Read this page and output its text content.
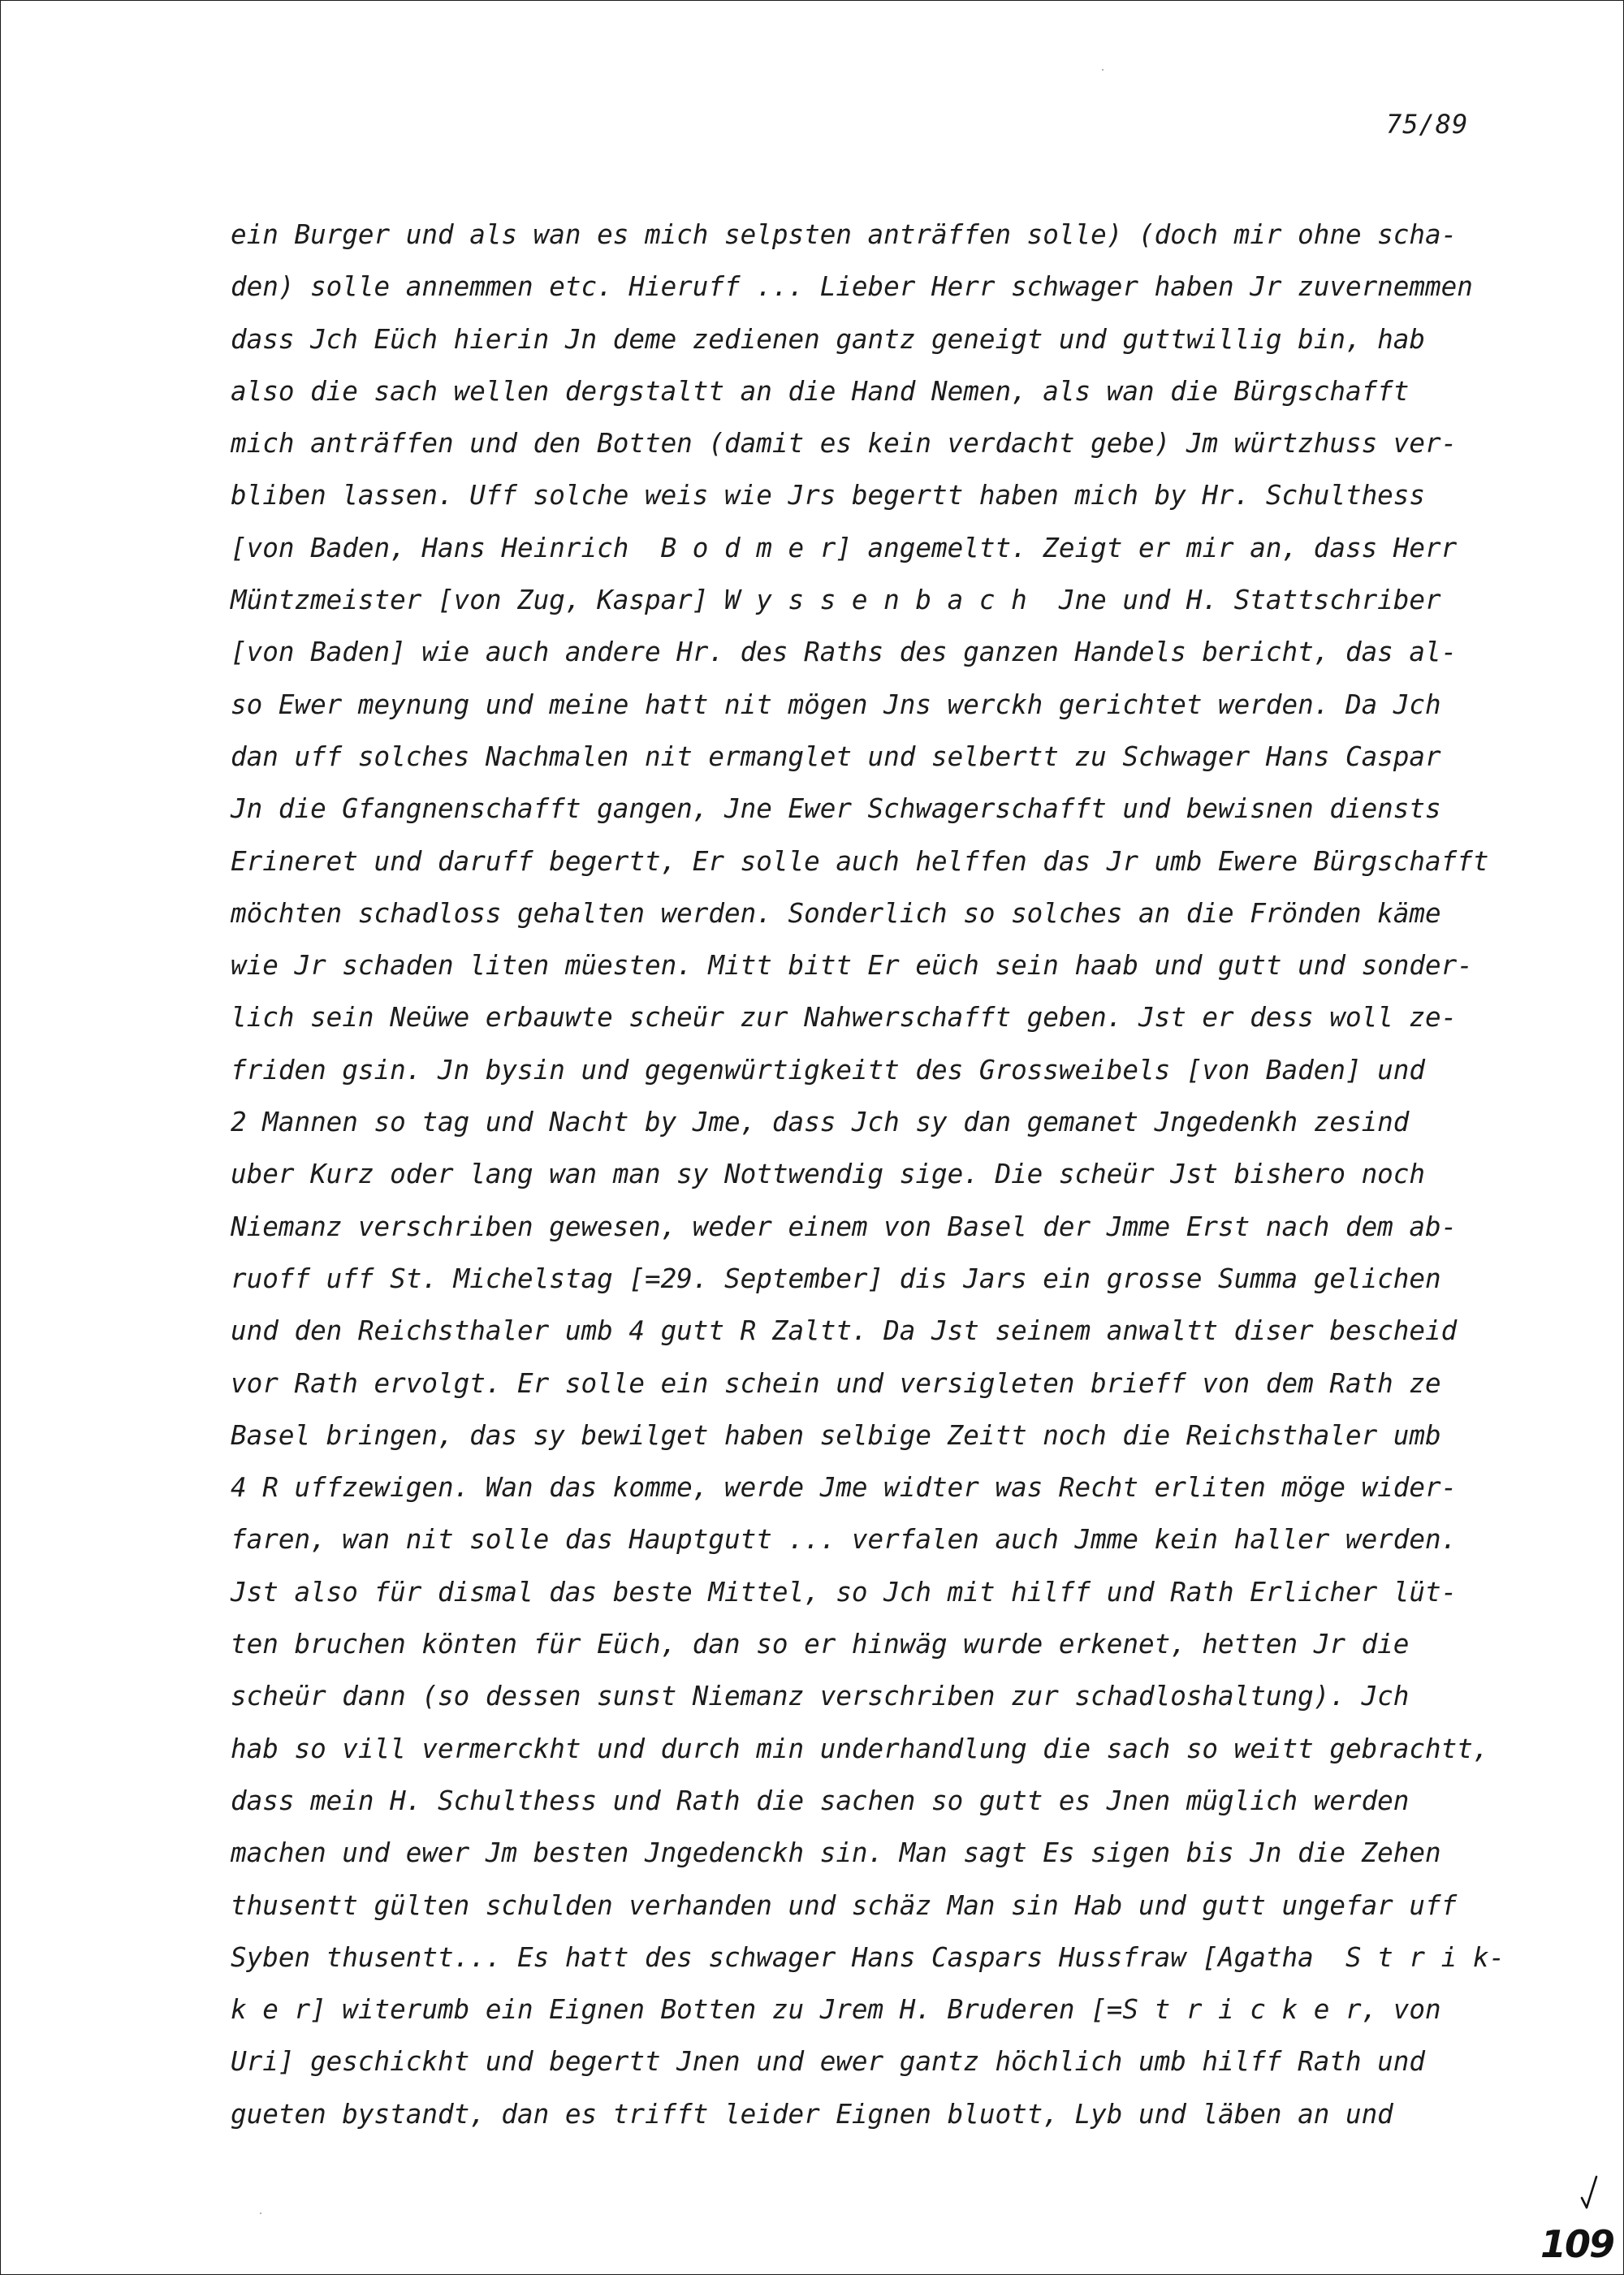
75/89
ein Burger und als wan es mich selpsten anträffen solle) (doch mir ohne scha-
den) solle annemmen etc. Hieruff ... Lieber Herr schwager haben Jr zuvernemmen
dass Jch Eüch hierin Jn deme zedienen gantz geneigt und guttwillig bin, hab
also die sach wellen dergstaltt an die Hand Nemen, als wan die Bürgschafft
mich anträffen und den Botten (damit es kein verdacht gebe) Jm würtzhuss ver-
bliben lassen. Uff solche weis wie Jrs begertt haben mich by Hr. Schulthess
[von Baden, Hans Heinrich  B o d m e r] angemeltt. Zeigt er mir an, dass Herr
Müntzmeister [von Zug, Kaspar] W y s s e n b a c h  Jne und H. Stattschriber
[von Baden] wie auch andere Hr. des Raths des ganzen Handels bericht, das al-
so Ewer meynung und meine hatt nit mögen Jns werckh gerichtet werden. Da Jch
dan uff solches Nachmalen nit ermanglet und selbertt zu Schwager Hans Caspar
Jn die Gfangnenschafft gangen, Jne Ewer Schwagerschafft und bewisnen diensts
Erineret und daruff begertt, Er solle auch helffen das Jr umb Ewere Bürgschafft
möchten schadloss gehalten werden. Sonderlich so solches an die Frönden käme
wie Jr schaden liten müesten. Mitt bitt Er eüch sein haab und gutt und sonder-
lich sein Neüwe erbauwte scheür zur Nahwerschafft geben. Jst er dess woll ze-
friden gsin. Jn bysin und gegenwürtigkeitt des Grossweibels [von Baden] und
2 Mannen so tag und Nacht by Jme, dass Jch sy dan gemanet Jngedenkh zesind
uber Kurz oder lang wan man sy Nottwendig sige. Die scheür Jst bishero noch
Niemanz verschriben gewesen, weder einem von Basel der Jmme Erst nach dem ab-
ruoff uff St. Michelstag [=29. September] dis Jars ein grosse Summa gelichen
und den Reichsthaler umb 4 gutt R Zaltt. Da Jst seinem anwaltt diser bescheid
vor Rath ervolgt. Er solle ein schein und versigleten brieff von dem Rath ze
Basel bringen, das sy bewilget haben selbige Zeitt noch die Reichsthaler umb
4 R uffzewigen. Wan das komme, werde Jme widter was Recht erliten möge wider-
faren, wan nit solle das Hauptgutt ... verfalen auch Jmme kein haller werden.
Jst also für dismal das beste Mittel, so Jch mit hilff und Rath Erlicher lüt-
ten bruchen könten für Eüch, dan so er hinwäg wurde erkenet, hetten Jr die
scheür dann (so dessen sunst Niemanz verschriben zur schadloshaltung). Jch
hab so vill vermerckht und durch min underhandlung die sach so weitt gebrachtt,
dass mein H. Schulthess und Rath die sachen so gutt es Jnen müglich werden
machen und ewer Jm besten Jngedenckh sin. Man sagt Es sigen bis Jn die Zehen
thusentt gülten schulden verhanden und schäz Man sin Hab und gutt ungefar uff
Syben thusentt... Es hatt des schwager Hans Caspars Hussfraw [Agatha  S t r i k-
k e r] witerumb ein Eignen Botten zu Jrem H. Bruderen [=S t r i c k e r, von
Uri] geschickht und begertt Jnen und ewer gantz höchlich umb hilff Rath und
gueten bystandt, dan es trifft leider Eignen bluott, Lyb und läben an und
109
